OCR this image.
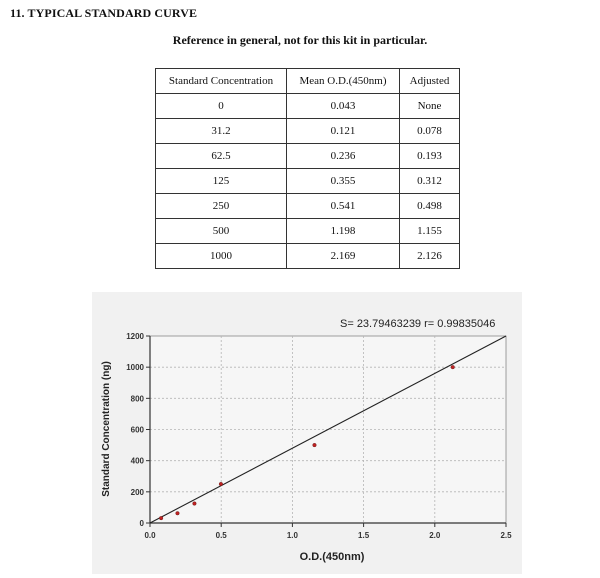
11. TYPICAL STANDARD CURVE
Reference in general, not for this kit in particular.
Standard Concentration	Mean O.D.(450nm)	Adjusted
0	0.043	None
31.2	0.121	0.078
62.5	0.236	0.193
125	0.355	0.312
250	0.541	0.498
500	1.198	1.155
1000	2.169	2.126
0.0	0.5	1.0	1.5	2.0	2.5
0
200
400
600
800
1000
1200
S= 23.79463239 r= 0.99835046
O.D.(450nm)
Standard Concentration (ng)
